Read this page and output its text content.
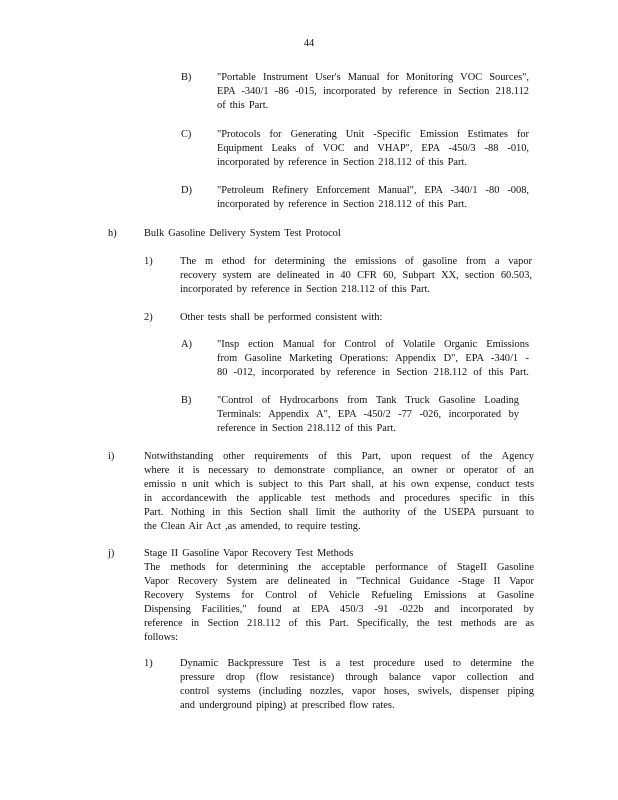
44
B) "Portable Instrument User's Manual for Monitoring VOC Sources",
EPA -340/1 -86 -015, incorporated by reference in Section 218.112
of this Part.
C) "Protocols for Generating Unit -Specific Emission Estimates for
Equipment Leaks of VOC and VHAP", EPA -450/3 -88 -010,
incorporated by reference in Section 218.112 of this Part.
D) "Petroleum Refinery Enforcement Manual", EPA -340/1 -80 -008,
incorporated by reference in Section 218.112 of this Part.
h)	Bulk Gasoline Delivery System Test Protocol
1)	The m ethod for determining the emissions of gasoline from a vapor
recovery system are delineated in 40 CFR 60, Subpart XX, section 60.503,
incorporated by reference in Section 218.112 of this Part.
2)	Other tests shall be performed consistent with:
A) "Insp ection Manual for Control of Volatile Organic Emissions
from Gasoline Marketing Operations: Appendix D", EPA -340/1 -
80 -012, incorporated by reference in Section 218.112 of this Part.
B) "Control of Hydrocarbons from Tank Truck Gasoline Loading
Terminals: Appendix A", EPA -450/2 -77 -026, incorporated by
reference in Section 218.112 of this Part.
i)	Notwithstanding other requirements of this Part, upon request of the Agency
where it is necessary to demonstrate compliance, an owner or operator of an
emissio n unit which is subject to this Part shall, at his own expense, conduct tests
in accordancewith the applicable test methods and procedures specific in this
Part. Nothing in this Section shall limit the authority of the USEPA pursuant to
the Clean Air Act ,as amended, to require testing.
j)	Stage II Gasoline Vapor Recovery Test Methods
The methods for determining the acceptable performance of StageII Gasoline
Vapor Recovery System are delineated in "Technical Guidance -Stage II Vapor
Recovery Systems for Control of Vehicle Refueling Emissions at Gasoline
Dispensing Facilities," found at EPA 450/3 -91 -022b and incorporated by
reference in Section 218.112 of this Part. Specifically, the test methods are as
follows:
1)	Dynamic Backpressure Test is a test procedure used to determine the
pressure drop (flow resistance) through balance vapor collection and
control systems (including nozzles, vapor hoses, swivels, dispenser piping
and underground piping) at prescribed flow rates.
